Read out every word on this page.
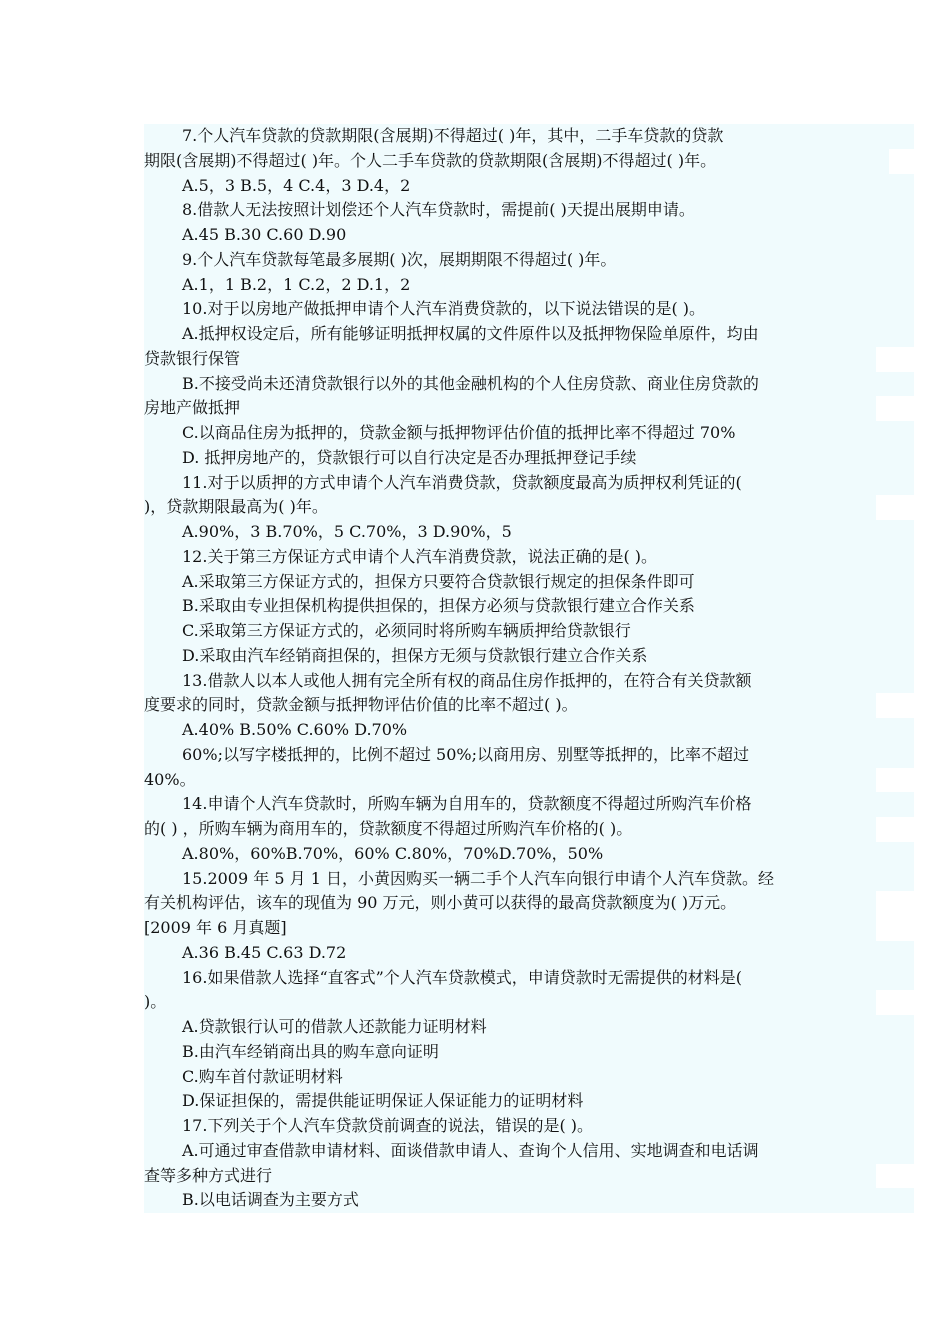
7.个人汽车贷款的贷款期限(含展期)不得超过( )年，其中，二手车贷款的贷款
期限(含展期)不得超过( )年。个人二手车贷款的贷款期限(含展期)不得超过( )年。
A.5，3 B.5，4 C.4，3 D.4，2
8.借款人无法按照计划偿还个人汽车贷款时，需提前( )天提出展期申请。
A.45 B.30 C.60 D.90
9.个人汽车贷款每笔最多展期( )次，展期期限不得超过( )年。
A.1，1 B.2，1 C.2，2 D.1，2
10.对于以房地产做抵押申请个人汽车消费贷款的，以下说法错误的是( )。
A.抵押权设定后，所有能够证明抵押权属的文件原件以及抵押物保险单原件，均由
贷款银行保管
B.不接受尚未还清贷款银行以外的其他金融机构的个人住房贷款、商业住房贷款的
房地产做抵押
C.以商品住房为抵押的，贷款金额与抵押物评估价值的抵押比率不得超过 70%
D. 抵押房地产的，贷款银行可以自行决定是否办理抵押登记手续
11.对于以质押的方式申请个人汽车消费贷款，贷款额度最高为质押权利凭证的(
)，贷款期限最高为( )年。
A.90%，3 B.70%，5 C.70%，3 D.90%，5
12.关于第三方保证方式申请个人汽车消费贷款，说法正确的是( )。
A.采取第三方保证方式的，担保方只要符合贷款银行规定的担保条件即可
B.采取由专业担保机构提供担保的，担保方必须与贷款银行建立合作关系
C.采取第三方保证方式的，必须同时将所购车辆质押给贷款银行
D.采取由汽车经销商担保的，担保方无须与贷款银行建立合作关系
13.借款人以本人或他人拥有完全所有权的商品住房作抵押的，在符合有关贷款额
度要求的同时，贷款金额与抵押物评估价值的比率不超过( )。
A.40% B.50% C.60% D.70%
60%;以写字楼抵押的，比例不超过 50%;以商用房、别墅等抵押的，比率不超过
40%。
14.申请个人汽车贷款时，所购车辆为自用车的，贷款额度不得超过所购汽车价格
的( ) ，所购车辆为商用车的，贷款额度不得超过所购汽车价格的( )。
A.80%，60%B.70%，60% C.80%，70%D.70%，50%
15.2009 年 5 月 1 日，小黄因购买一辆二手个人汽车向银行申请个人汽车贷款。经
有关机构评估，该车的现值为 90 万元，则小黄可以获得的最高贷款额度为( )万元。
[2009 年 6 月真题]
A.36 B.45 C.63 D.72
16.如果借款人选择“直客式”个人汽车贷款模式，申请贷款时无需提供的材料是(
)。
A.贷款银行认可的借款人还款能力证明材料
B.由汽车经销商出具的购车意向证明
C.购车首付款证明材料
D.保证担保的，需提供能证明保证人保证能力的证明材料
17.下列关于个人汽车贷款贷前调查的说法，错误的是( )。
A.可通过审查借款申请材料、面谈借款申请人、查询个人信用、实地调查和电话调
查等多种方式进行
B.以电话调查为主要方式
